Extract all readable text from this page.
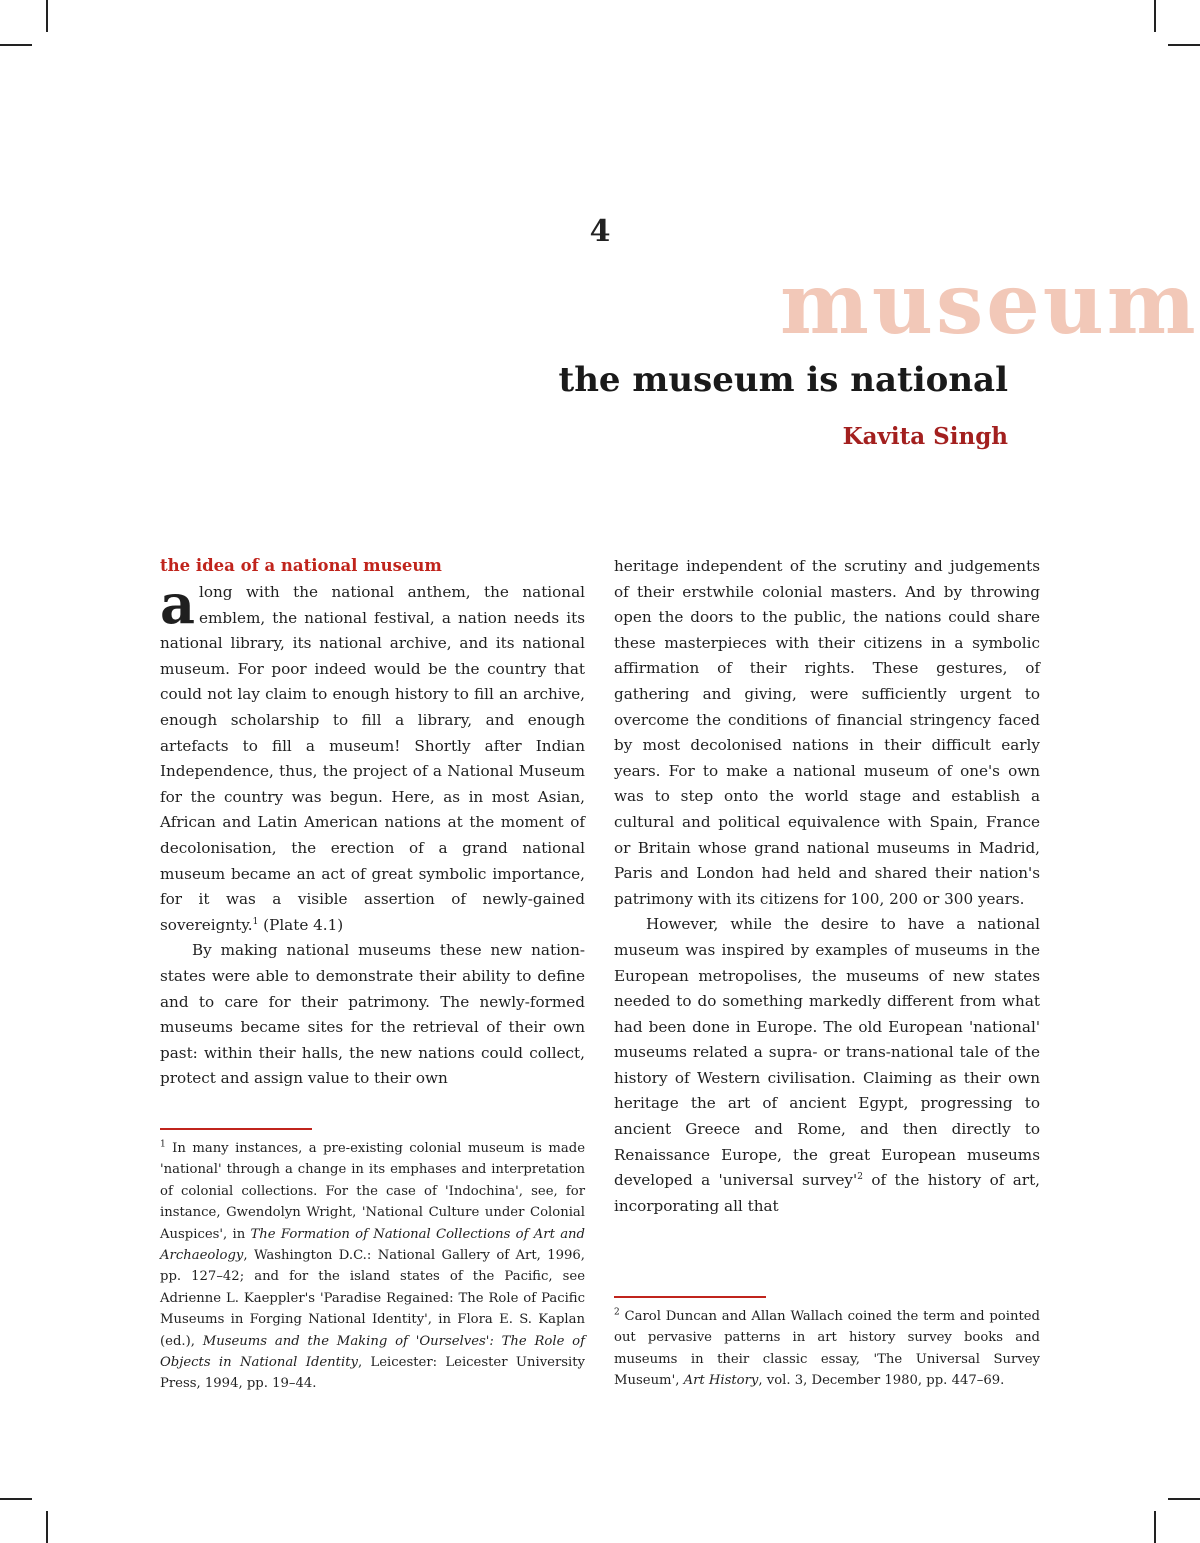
4
museum
the museum is national
Kavita Singh
the idea of a national museum

along with the national anthem, the national emblem, the national festival, a nation needs its national library, its national archive, and its national museum. For poor indeed would be the country that could not lay claim to enough history to fill an archive, enough scholarship to fill a library, and enough artefacts to fill a museum! Shortly after Indian Independence, thus, the project of a National Museum for the country was begun. Here, as in most Asian, African and Latin American nations at the moment of decolonisation, the erection of a grand national museum became an act of great symbolic importance, for it was a visible assertion of newly-gained sovereignty.$^1$ (Plate 4.1)

By making national museums these new nation-states were able to demonstrate their ability to define and to care for their patrimony. The newly-formed museums became sites for the retrieval of their own past: within their halls, the new nations could collect, protect and assign value to their own

heritage independent of the scrutiny and judgements of their erstwhile colonial masters. And by throwing open the doors to the public, the nations could share these masterpieces with their citizens in a symbolic affirmation of their rights. These gestures, of gathering and giving, were sufficiently urgent to overcome the conditions of financial stringency faced by most decolonised nations in their difficult early years. For to make a national museum of one's own was to step onto the world stage and establish a cultural and political equivalence with Spain, France or Britain whose grand national museums in Madrid, Paris and London had held and shared their nation's patrimony with its citizens for 100, 200 or 300 years.

However, while the desire to have a national museum was inspired by examples of museums in the European metropolises, the museums of new states needed to do something markedly different from what had been done in Europe. The old European 'national' museums related a supra- or trans-national tale of the history of Western civilisation. Claiming as their own heritage the art of ancient Egypt, progressing to ancient Greece and Rome, and then directly to Renaissance Europe, the great European museums developed a 'universal $survey'^2$ of the history of art, incorporating all that

$^1$ In many instances, a pre-existing colonial museum is made 'national' through a change in its emphases and interpretation of colonial collections. For the case of 'Indochina', see, for instance, Gwendolyn Wright, 'National Culture under Colonial Auspices', in The Formation of National Collections of Art and Archaeology, Washington D.C.: National Gallery of Art, 1996, pp. 127–42; and for the island states of the Pacific, see Adrienne L. Kaeppler's 'Paradise Regained: The Role of Pacific Museums in Forging National Identity', in Flora E. S. Kaplan (ed.), Museums and the Making of 'Ourselves': The Role of Objects in National Identity, Leicester: Leicester University Press, 1994, pp. 19–44.

$^2$ Carol Duncan and Allan Wallach coined the term and pointed out pervasive patterns in art history survey books and museums in their classic essay, 'The Universal Survey Museum', Art History, vol. 3, December 1980, pp. 447–69.
